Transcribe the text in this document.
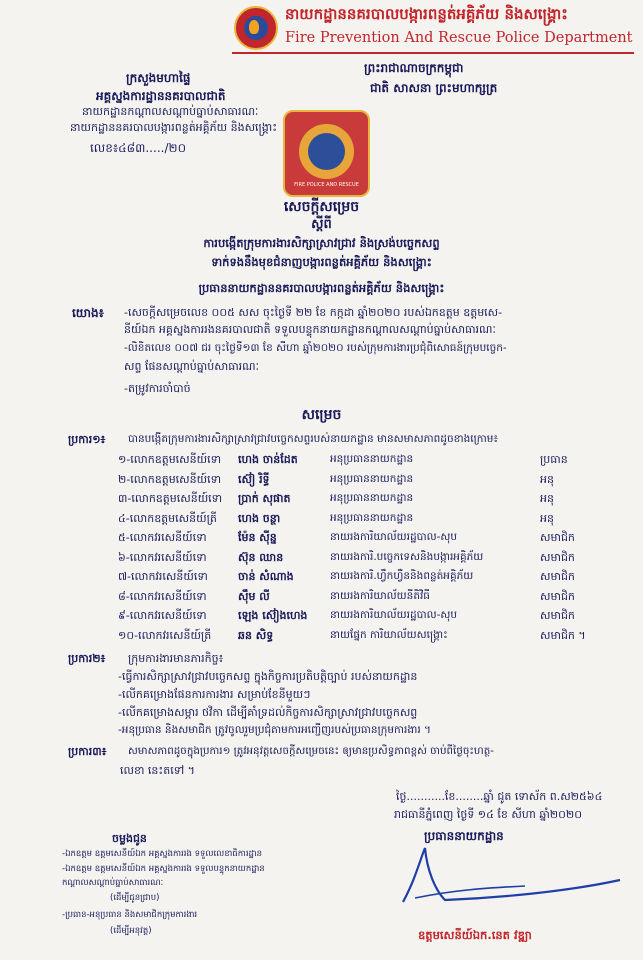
នាយកដ្ឋាននគរបាលបង្ការពន្លត់អគ្គិភ័យ និងសង្គ្រោះ
Fire Prevention And Rescue Police Department
ក្រសួងមហាផ្ទៃ
អគ្គស្នងការដ្ឋាននគរបាលជាតិ
នាយកដ្ឋានកណ្តាលសណ្តាប់ធ្នាប់សាធារណៈ
នាយកដ្ឋាននគរបាលបង្ការពន្លត់អគ្គិភ័យ និងសង្គ្រោះ
លេខ៖៤៨៣...../២០
ព្រះរាជាណាចក្រកម្ពុជា
ជាតិ សាសនា ព្រះមហាក្សត្រ
FIRE POLICE AND RESCUE
សេចក្តីសម្រេច
ស្តីពី
ការបង្កើតក្រុមការងារសិក្សាស្រាវជ្រាវ និងស្រង់បច្ចេកសព្ទ
ទាក់ទងនឹងមុខជំនាញបង្ការពន្លត់អគ្គិភ័យ និងសង្គ្រោះ
ប្រធាននាយកដ្ឋាននគរបាលបង្ការពន្លត់អគ្គិភ័យ និងសង្គ្រោះ
យោង៖ -សេចក្តីសម្រេចលេខ ០០៥ សស ចុះថ្ងៃទី ២២ ខែ កក្កដា ឆ្នាំ២០២០ របស់ឯកឧត្តម ឧត្តមសេ-
នីយ៍ឯក អគ្គស្នងការរងនគរបាលជាតិ ទទួលបន្ទុកនាយកដ្ឋានកណ្តាលសណ្តាប់ធ្នាប់សាធារណៈ
-លិខិតលេខ ០០៧ ជរ ចុះថ្ងៃទី១៣ ខែ សីហា ឆ្នាំ២០២០ របស់ក្រុមការងារប្រជុំពិសោធន៍ក្រុមបច្ចេក-
សព្ទ ផែនសណ្តាប់ធ្នាប់សាធារណៈ
-តម្រូវការចាំបាច់
សម្រេច
ប្រការ១៖ បានបង្កើតក្រុមការងារសិក្សាស្រាវជ្រាវបច្ចេកសព្ទរបស់នាយកដ្ឋាន មានសមាសភាពដូចខាងក្រោម៖
១-លោកឧត្តមសេនីយ៍ទោ ហេង ចាន់ដែត	អនុប្រធាននាយកដ្ឋាន	ប្រធាន
២-លោកឧត្តមសេនីយ៍ទោ ស៊ៀ រិទ្ធី	អនុប្រធាននាយកដ្ឋាន	អនុ
៣-លោកឧត្តមសេនីយ៍ទោ ប្រាក់ សុផាត	អនុប្រធាននាយកដ្ឋាន	អនុ
៤-លោកឧត្តមសេនីយ៍ត្រី ហេង ចន្ថា	អនុប្រធាននាយកដ្ឋាន	អនុ
៥-លោកវរសេនីយ៍ទោ	ម៉ែន ស៊ីន្ន	នាយរងការិយាល័យរដ្ឋបាល-សុប	សមាជិក
៦-លោកវរសេនីយ៍ទោ	ស៊ុន ឈាន	នាយរងការិ.បច្ចេកទេសនិងបង្ការអគ្គិភ័យ	សមាជិក
៧-លោកវរសេនីយ៍ទោ	ចាន់ សំណាង	នាយរងការិ.ហ្វឹកហ្វឺននិងពន្លត់អគ្គិភ័យ	សមាជិក
៨-លោកវរសេនីយ៍ទោ	ស៊ឹម លី	នាយរងការិយាល័យនីតិវិធី	សមាជិក
៩-លោកវរសេនីយ៍ទោ	ឡេង ស៊ៀងហេង នាយរងការិយាល័យរដ្ឋបាល-សុប	សមាជិក
១០-លោកវរសេនីយ៍ត្រី ឆន សិទ្ធ	នាយផ្នែក ការិយាល័យសង្គ្រោះ	សមាជិក ។
ប្រការ២៖ ក្រុមការងារមានភារកិច្ច៖
-ធ្វើការសិក្សាស្រាវជ្រាវបច្ចេកសព្ទ ក្នុងកិច្ចការប្រតិបត្តិច្បាប់ របស់នាយកដ្ឋាន
-លើកគម្រោងផែនការការងារ សម្រាប់ខែនីមួយៗ
-លើកគម្រោងសម្ភារ ថវិកា ដើម្បីគាំទ្រដល់កិច្ចការសិក្សាស្រាវជ្រាវបច្ចេកសព្ទ
-អនុប្រធាន និងសមាជិក ត្រូវចូលរួមប្រជុំតាមការអញ្ជើញរបស់ប្រធានក្រុមការងារ ។
ប្រការ៣៖ សមាសភាពដូចក្នុងប្រការ១ ត្រូវអនុវត្តសេចក្តីសម្រេចនេះ ឲ្យមានប្រសិទ្ធភាពខ្ពស់ ចាប់ពីថ្ងៃចុះហត្ថ-
លេខា នេះតទៅ ។
ថ្ងៃ...........ខែ........ឆ្នាំ ជូត ទោស័ក ព.ស២៥៦៤
រាជធានីភ្នំពេញ ថ្ងៃទី ១៤ ខែ សីហា ឆ្នាំ២០២០
ប្រធាននាយកដ្ឋាន
ចម្លងជូន
-ឯកឧត្តម ឧត្តមសេនីយ៍ឯក អគ្គស្នងការរង ទទួលលេខាធិការដ្ឋាន
-ឯកឧត្តម ឧត្តមសេនីយ៍ឯក អគ្គស្នងការរង ទទួលបន្ទុកនាយកដ្ឋាន
កណ្តាលសណ្តាប់ធ្នាប់សាធារណៈ
(ដើម្បីជូនជ្រាប)
-ប្រធាន-អនុប្រធាន និងសមាជិកក្រុមការងារ
(ដើម្បីអនុវត្ត)	ឧត្តមសេនីយ៍ឯក.នេត វឌ្ឍា
